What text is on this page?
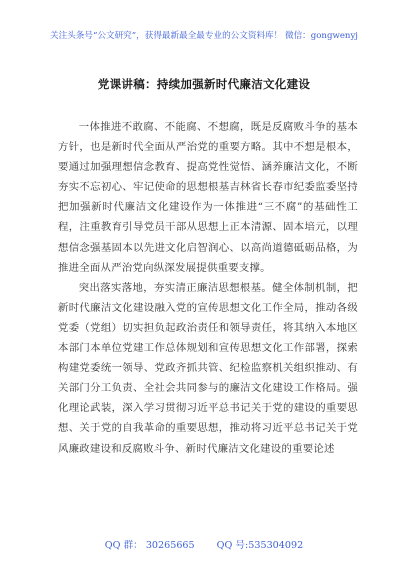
关注头条号“公文研究”，获得最新最全最专业的公文资料库！ 微信：gongwenyj
党课讲稿：持续加强新时代廉洁文化建设

一体推进不敢腐、不能腐、不想腐，既是反腐败斗争的基本方针，也是新时代全面从严治党的重要方略。其中不想是根本，要通过加强理想信念教育、提高党性觉悟、涵养廉洁文化，不断夯实不忘初心、牢记使命的思想根基吉林省长春市纪委监委坚持把加强新时代廉洁文化建设作为一体推进“三不腐”的基础性工程，注重教育引导党员干部从思想上正本清源、固本培元，以理想信念强基固本以先进文化启智润心、以高尚道德砥砺品格，为推进全面从严治党向纵深发展提供重要支撑。

突出落实落地，夯实清正廉洁思想根基。健全体制机制，把新时代廉洁文化建设融入党的宣传思想文化工作全局，推动各级党委（党组）切实担负起政治责任和领导责任，将其纳入本地区本部门本单位党建工作总体规划和宣传思想文化工作部署，探索构建党委统一领导、党政齐抓共管、纪检监察机关组织推动、有关部门分工负责、全社会共同参与的廉洁文化建设工作格局。强化理论武装，深入学习贯彻习近平总书记关于党的建设的重要思想、关于党的自我革命的重要思想，推动将习近平总书记关于党风廉政建设和反腐败斗争、新时代廉洁文化建设的重要论述

QQ 群： 30265665 QQ 号:535304092
